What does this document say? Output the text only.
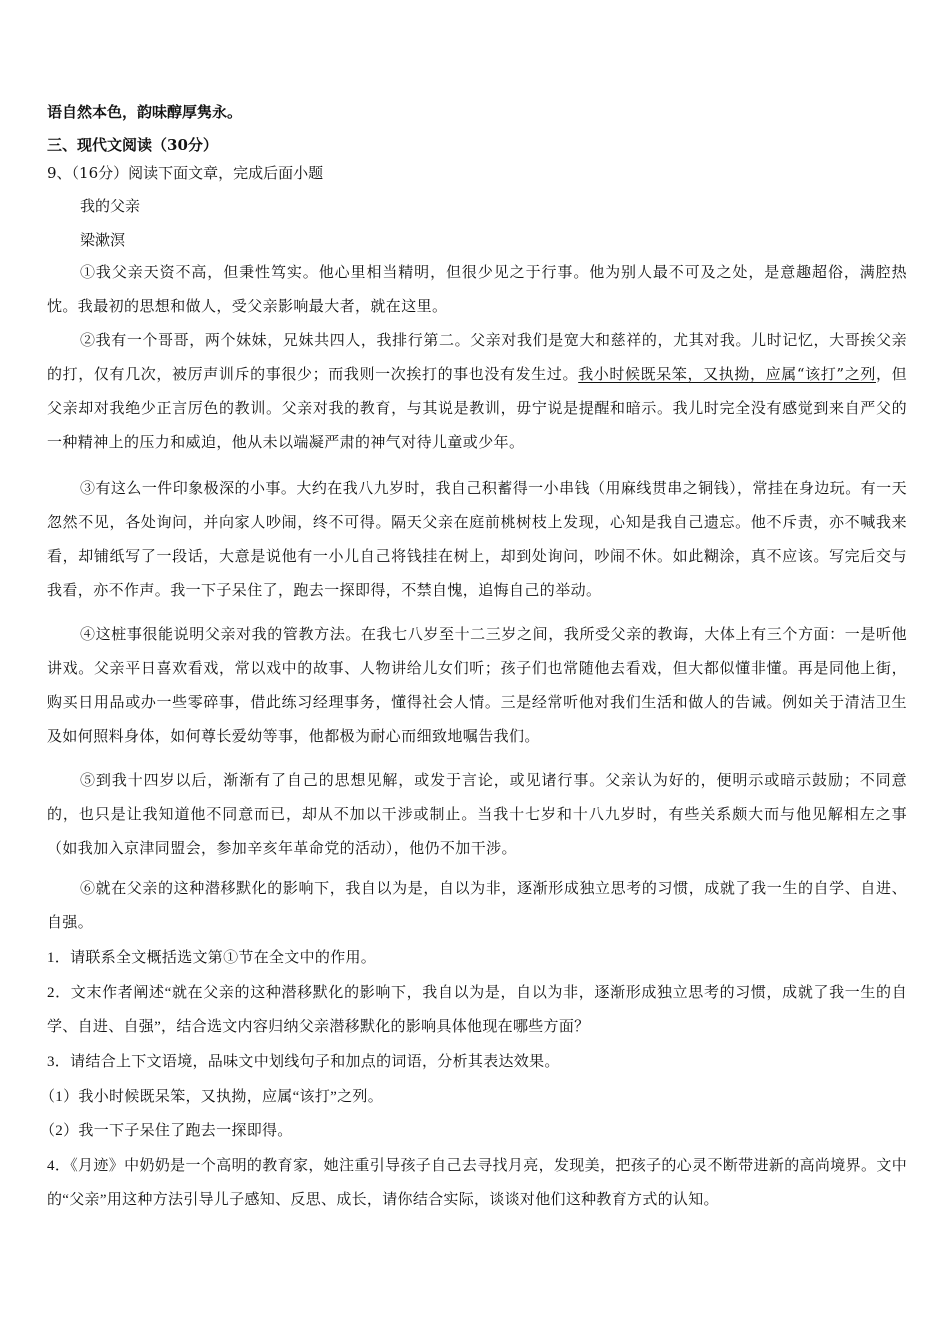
语自然本色，韵味醇厚隽永。
三、现代文阅读（30分）
9、（16分）阅读下面文章，完成后面小题
我的父亲
梁漱溟
①我父亲天资不高，但秉性笃实。他心里相当精明，但很少见之于行事。他为别人最不可及之处，是意趣超俗，满腔热忱。我最初的思想和做人，受父亲影响最大者，就在这里。
②我有一个哥哥，两个妹妹，兄妹共四人，我排行第二。父亲对我们是宽大和慈祥的，尤其对我。儿时记忆，大哥挨父亲的打，仅有几次，被厉声训斥的事很少；而我则一次挨打的事也没有发生过。我小时候既呆笨，又执拗，应属“该打”之列，但父亲却对我绝少正言厉色的教训。父亲对我的教育，与其说是教训，毋宁说是提醒和暗示。我儿时完全没有感觉到来自严父的一种精神上的压力和威迫，他从未以端凝严肃的神气对待儿童或少年。
③有这么一件印象极深的小事。大约在我八九岁时，我自己积蓄得一小串钱（用麻线贯串之铜钱），常挂在身边玩。有一天忽然不见，各处询问，并向家人吵闹，终不可得。隔天父亲在庭前桃树枝上发现，心知是我自己遗忘。他不斥责，亦不喊我来看，却铺纸写了一段话，大意是说他有一小儿自己将钱挂在树上，却到处询问，吵闹不休。如此糊涂，真不应该。写完后交与我看，亦不作声。我一下子呆住了，跑去一探即得，不禁自愧，追悔自己的举动。
④这桩事很能说明父亲对我的管教方法。在我七八岁至十二三岁之间，我所受父亲的教诲，大体上有三个方面：一是听他讲戏。父亲平日喜欢看戏，常以戏中的故事、人物讲给儿女们听；孩子们也常随他去看戏，但大都似懂非懂。再是同他上街，购买日用品或办一些零碎事，借此练习经理事务，懂得社会人情。三是经常听他对我们生活和做人的告诫。例如关于清洁卫生及如何照料身体，如何尊长爱幼等事，他都极为耐心而细致地嘱告我们。
⑤到我十四岁以后，渐渐有了自己的思想见解，或发于言论，或见诸行事。父亲认为好的，便明示或暗示鼓励；不同意的，也只是让我知道他不同意而已，却从不加以干涉或制止。当我十七岁和十八九岁时，有些关系颇大而与他见解相左之事（如我加入京津同盟会，参加辛亥年革命党的活动），他仍不加干涉。
⑥就在父亲的这种潜移默化的影响下，我自以为是，自以为非，逐渐形成独立思考的习惯，成就了我一生的自学、自进、自强。
1．请联系全文概括选文第①节在全文中的作用。
2．文末作者阐述“就在父亲的这种潜移默化的影响下，我自以为是，自以为非，逐渐形成独立思考的习惯，成就了我一生的自学、自进、自强”，结合选文内容归纳父亲潜移默化的影响具体他现在哪些方面？
3．请结合上下文语境，品味文中划线句子和加点的词语，分析其表达效果。
（1）我小时候既呆笨，又执拗，应属“该打”之列。
（2）我一下子呆住了跑去一探即得。
4．《月迹》中奶奶是一个高明的教育家，她注重引导孩子自己去寻找月亮，发现美，把孩子的心灵不断带进新的高尚境界。文中的“父亲”用这种方法引导儿子感知、反思、成长，请你结合实际，谈谈对他们这种教育方式的认知。
